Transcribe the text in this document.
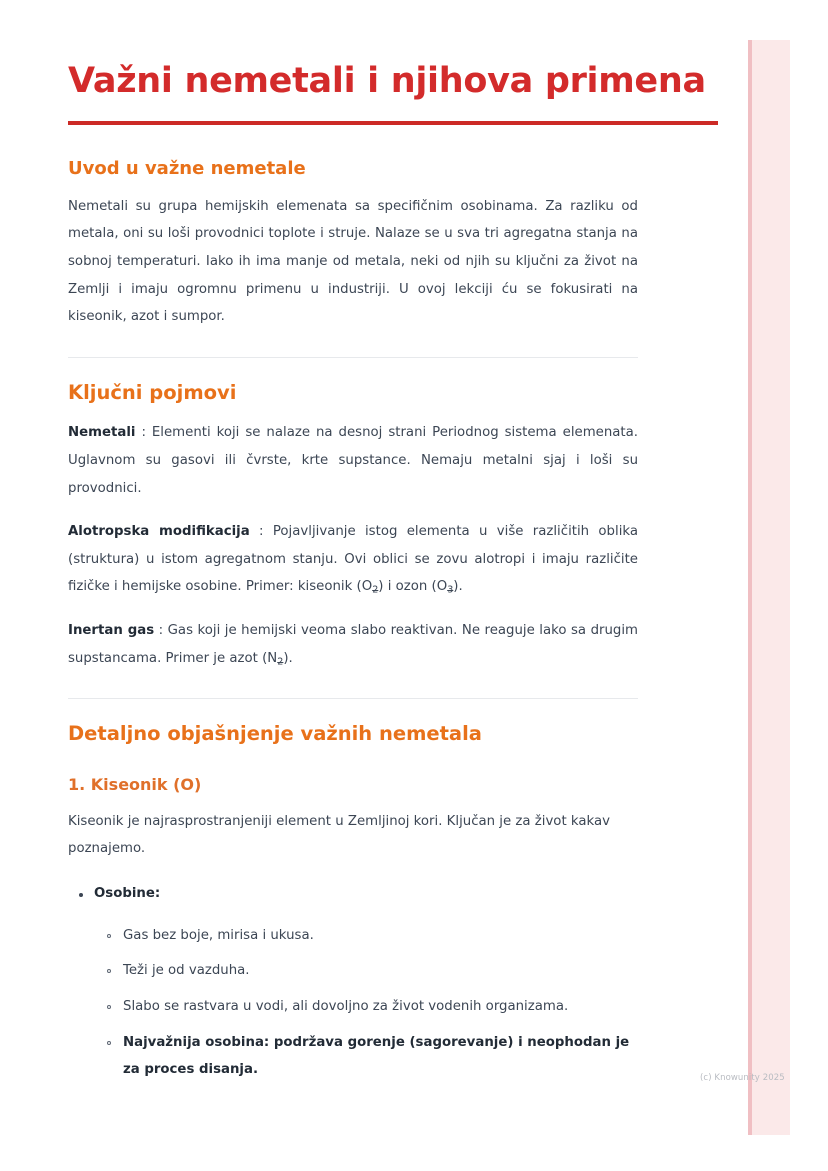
Važni nemetali i njihova primena
Uvod u važne nemetale

Nemetali su grupa hemijskih elemenata sa specifičnim osobinama. Za razliku od metala, oni su loši provodnici toplote i struje. Nalaze se u sva tri agregatna stanja na sobnoj temperaturi. Iako ih ima manje od metala, neki od njih su ključni za život na Zemlji i imaju ogromnu primenu u industriji. U ovoj lekciji ću se fokusirati na kiseonik, azot i sumpor.

Ključni pojmovi

Nemetali : Elementi koji se nalaze na desnoj strani Periodnog sistema elemenata. Uglavnom su gasovi ili čvrste, krte supstance. Nemaju metalni sjaj i loši su provodnici.

Alotropska modifikacija : Pojavljivanje istog elementa u više različitih oblika (struktura) u istom agregatnom stanju. Ovi oblici se zovu alotropi i imaju različite fizičke i hemijske osobine. Primer: kiseonik $(O_2)$ i ozon $(O_3)$.

Inertan gas : Gas koji je hemijski veoma slabo reaktivan. Ne reaguje lako sa drugim supstancama. Primer je azot $(N_2)$.

Detaljno objašnjenje važnih nemetala
1. Kiseonik (O)

Kiseonik je najrasprostranjeniji element u Zemljinoj kori. Ključan je za život kakav poznajemo.

Osobine:
Gas bez boje, mirisa i ukusa.
Teži je od vazduha.
Slabo se rastvara u vodi, ali dovoljno za život vodenih organizama.
Najvažnija osobina: podržava gorenje (sagorevanje) i neophodan je za proces disanja.
(c) Knowunity 2025
